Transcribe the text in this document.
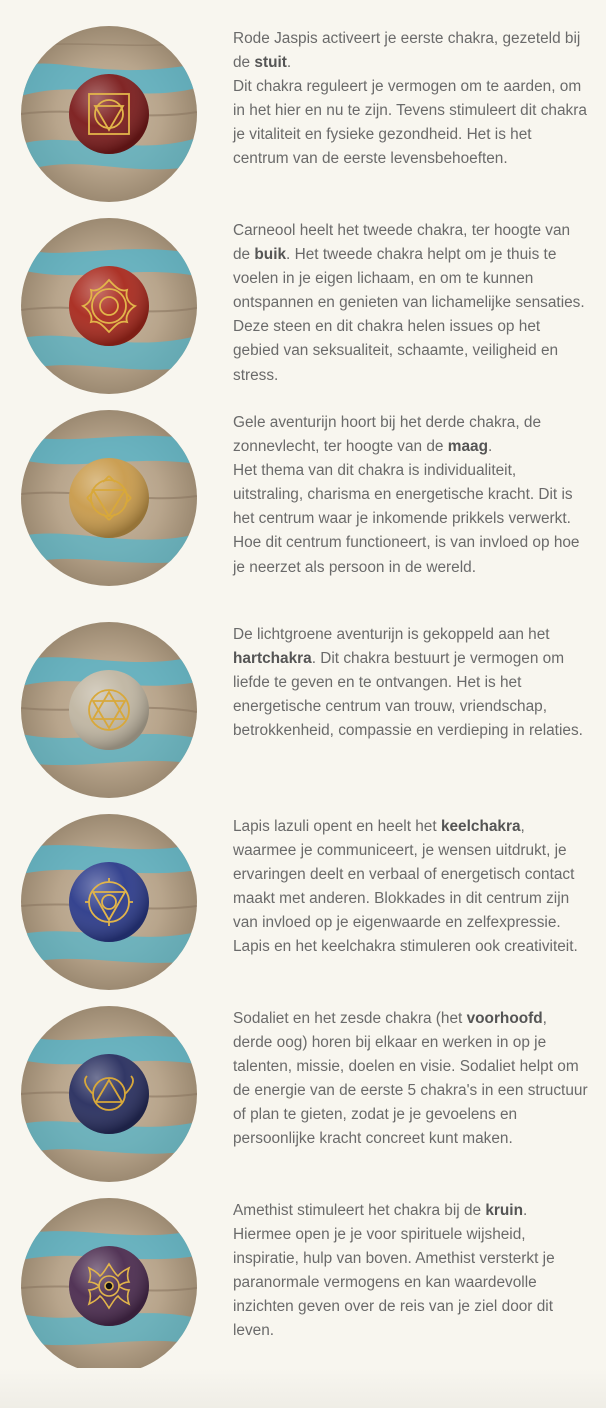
Rode Jaspis activeert je eerste chakra, gezeteld bij de stuit.
Dit chakra reguleert je vermogen om te aarden, om in het hier en nu te zijn. Tevens stimuleert dit chakra je vitaliteit en fysieke gezondheid. Het is het centrum van de eerste levensbehoeften.

Carneool heelt het tweede chakra, ter hoogte van de buik. Het tweede chakra helpt om je thuis te voelen in je eigen lichaam, en om te kunnen ontspannen en genieten van lichamelijke sensaties. Deze steen en dit chakra helen issues op het gebied van seksualiteit, schaamte, veiligheid en stress.

Gele aventurijn hoort bij het derde chakra, de zonnevlecht, ter hoogte van de maag.
Het thema van dit chakra is individualiteit, uitstraling, charisma en energetische kracht. Dit is het centrum waar je inkomende prikkels verwerkt. Hoe dit centrum functioneert, is van invloed op hoe je neerzet als persoon in de wereld.

De lichtgroene aventurijn is gekoppeld aan het hartchakra. Dit chakra bestuurt je vermogen om liefde te geven en te ontvangen. Het is het energetische centrum van trouw, vriendschap, betrokkenheid, compassie en verdieping in relaties.

Lapis lazuli opent en heelt het keelchakra, waarmee je communiceert, je wensen uitdrukt, je ervaringen deelt en verbaal of energetisch contact maakt met anderen. Blokkades in dit centrum zijn van invloed op je eigenwaarde en zelfexpressie. Lapis en het keelchakra stimuleren ook creativiteit.

Sodaliet en het zesde chakra (het voorhoofd, derde oog) horen bij elkaar en werken in op je talenten, missie, doelen en visie. Sodaliet helpt om de energie van de eerste 5 chakra's in een structuur of plan te gieten, zodat je je gevoelens en persoonlijke kracht concreet kunt maken.

Amethist stimuleert het chakra bij de kruin.
Hiermee open je je voor spirituele wijsheid, inspiratie, hulp van boven. Amethist versterkt je paranormale vermogens en kan waardevolle inzichten geven over de reis van je ziel door dit leven.
